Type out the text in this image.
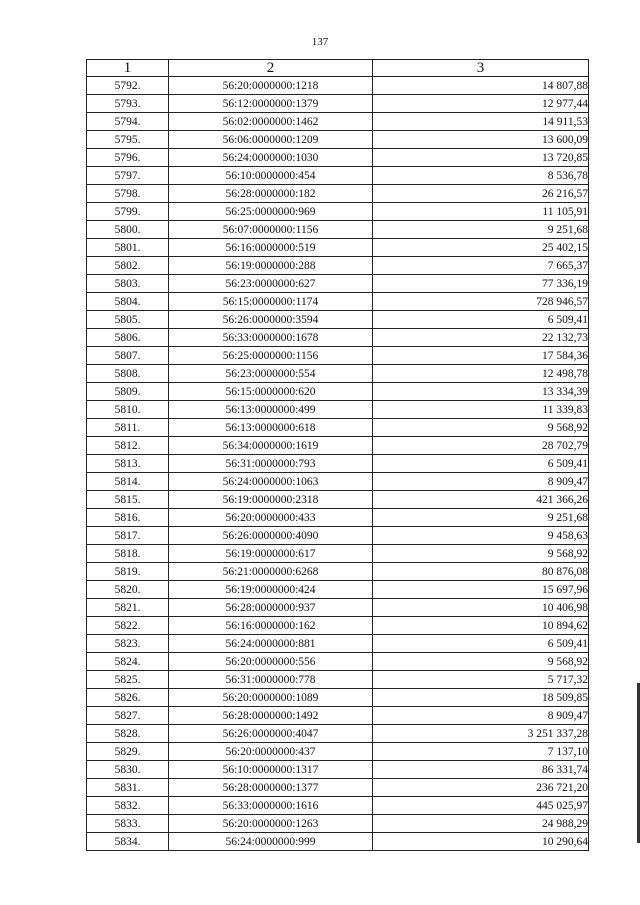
137
1	2	3
5792.	56:20:0000000:1218	14 807,88
5793.	56:12:0000000:1379	12 977,44
5794.	56:02:0000000:1462	14 911,53
5795.	56:06:0000000:1209	13 600,09
5796.	56:24:0000000:1030	13 720,85
5797.	56:10:0000000:454	8 536,78
5798.	56:28:0000000:182	26 216,57
5799.	56:25:0000000:969	11 105,91
5800.	56:07:0000000:1156	9 251,68
5801.	56:16:0000000:519	25 402,15
5802.	56:19:0000000:288	7 665,37
5803.	56:23:0000000:627	77 336,19
5804.	56:15:0000000:1174	728 946,57
5805.	56:26:0000000:3594	6 509,41
5806.	56:33:0000000:1678	22 132,73
5807.	56:25:0000000:1156	17 584,36
5808.	56:23:0000000:554	12 498,78
5809.	56:15:0000000:620	13 334,39
5810.	56:13:0000000:499	11 339,83
5811.	56:13:0000000:618	9 568,92
5812.	56:34:0000000:1619	28 702,79
5813.	56:31:0000000:793	6 509,41
5814.	56:24:0000000:1063	8 909,47
5815.	56:19:0000000:2318	421 366,26
5816.	56:20:0000000:433	9 251,68
5817.	56:26:0000000:4090	9 458,63
5818.	56:19:0000000:617	9 568,92
5819.	56:21:0000000:6268	80 876,08
5820.	56:19:0000000:424	15 697,96
5821.	56:28:0000000:937	10 406,98
5822.	56:16:0000000:162	10 894,62
5823.	56:24:0000000:881	6 509,41
5824.	56:20:0000000:556	9 568,92
5825.	56:31:0000000:778	5 717,32
5826.	56:20:0000000:1089	18 509,85
5827.	56:28:0000000:1492	8 909,47
5828.	56:26:0000000:4047	3 251 337,28
5829.	56:20:0000000:437	7 137,10
5830.	56:10:0000000:1317	86 331,74
5831.	56:28:0000000:1377	236 721,20
5832.	56:33:0000000:1616	445 025,97
5833.	56:20:0000000:1263	24 988,29
5834.	56:24:0000000:999	10 290,64
